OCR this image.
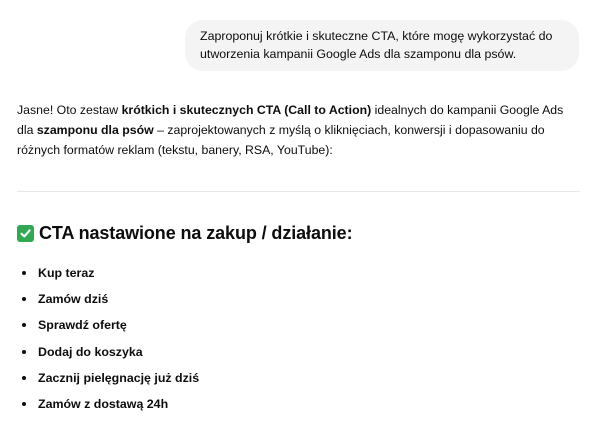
Zaproponuj krótkie i skuteczne CTA, które mogę wykorzystać do
utworzenia kampanii Google Ads dla szamponu dla psów.

Jasne! Oto zestaw krótkich i skutecznych CTA (Call to Action) idealnych do kampanii Google Ads dla szamponu dla psów – zaprojektowanych z myślą o kliknięciach, konwersji i dopasowaniu do różnych formatów reklam (tekstu, banery, RSA, YouTube):

CTA nastawione na zakup / działanie:
Kup teraz
Zamów dziś
Sprawdź ofertę
Dodaj do koszyka
Zacznij pielęgnację już dziś
Zamów z dostawą 24h
